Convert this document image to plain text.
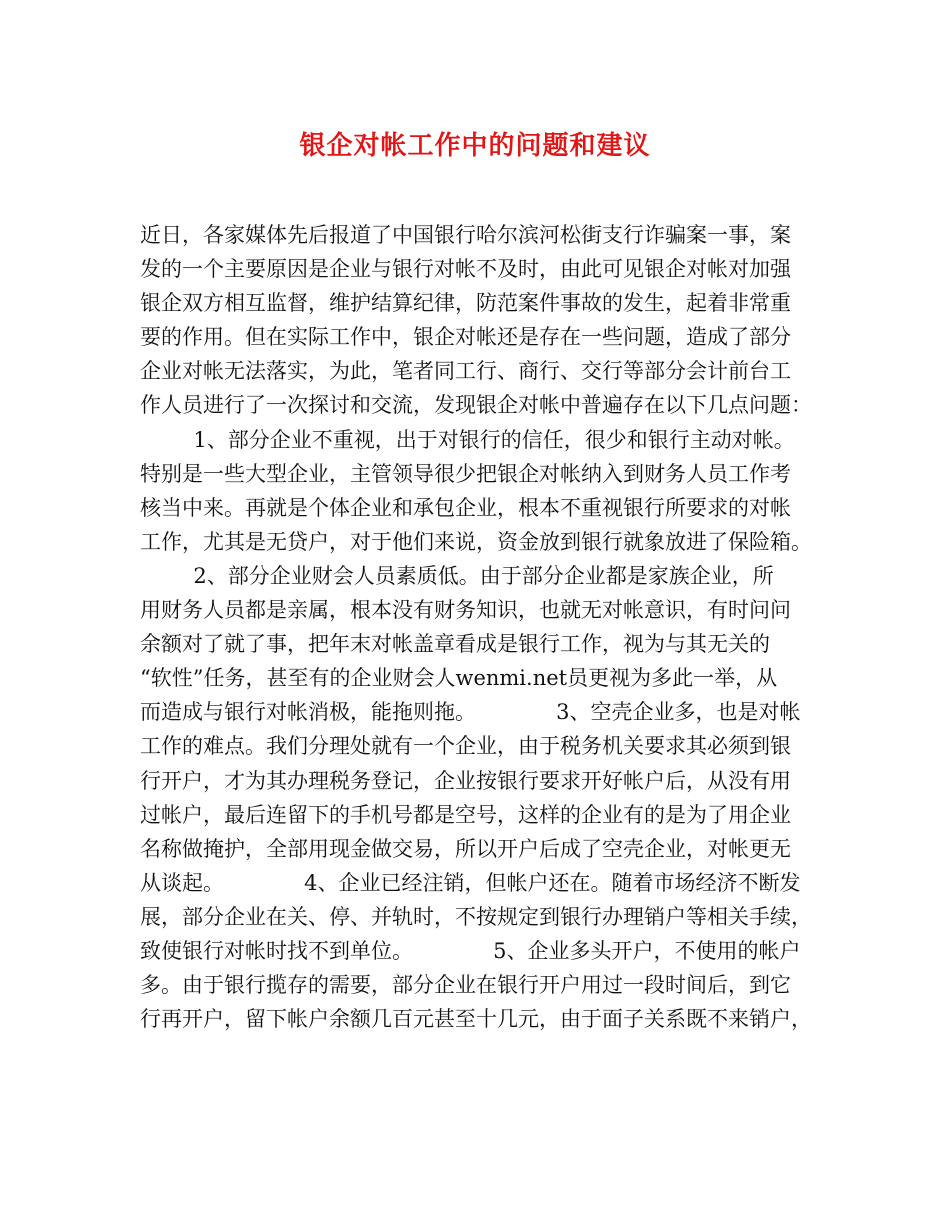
银企对帐工作中的问题和建议
近日，各家媒体先后报道了中国银行哈尔滨河松街支行诈骗案一事，案
发的一个主要原因是企业与银行对帐不及时，由此可见银企对帐对加强
银企双方相互监督，维护结算纪律，防范案件事故的发生，起着非常重
要的作用。但在实际工作中，银企对帐还是存在一些问题，造成了部分
企业对帐无法落实，为此，笔者同工行、商行、交行等部分会计前台工
作人员进行了一次探讨和交流，发现银企对帐中普遍存在以下几点问题：
1、部分企业不重视，出于对银行的信任，很少和银行主动对帐。
特别是一些大型企业，主管领导很少把银企对帐纳入到财务人员工作考
核当中来。再就是个体企业和承包企业，根本不重视银行所要求的对帐
工作，尤其是无贷户，对于他们来说，资金放到银行就象放进了保险箱。
2、部分企业财会人员素质低。由于部分企业都是家族企业，所
用财务人员都是亲属，根本没有财务知识，也就无对帐意识，有时问问
余额对了就了事，把年末对帐盖章看成是银行工作，视为与其无关的
“软性”任务，甚至有的企业财会人wenmi.net员更视为多此一举，从
而造成与银行对帐消极，能拖则拖。            3、空壳企业多，也是对帐
工作的难点。我们分理处就有一个企业，由于税务机关要求其必须到银
行开户，才为其办理税务登记，企业按银行要求开好帐户后，从没有用
过帐户，最后连留下的手机号都是空号，这样的企业有的是为了用企业
名称做掩护，全部用现金做交易，所以开户后成了空壳企业，对帐更无
从谈起。            4、企业已经注销，但帐户还在。随着市场经济不断发
展，部分企业在关、停、并轨时，不按规定到银行办理销户等相关手续，
致使银行对帐时找不到单位。            5、企业多头开户，不使用的帐户
多。由于银行揽存的需要，部分企业在银行开户用过一段时间后，到它
行再开户，留下帐户余额几百元甚至十几元，由于面子关系既不来销户，
